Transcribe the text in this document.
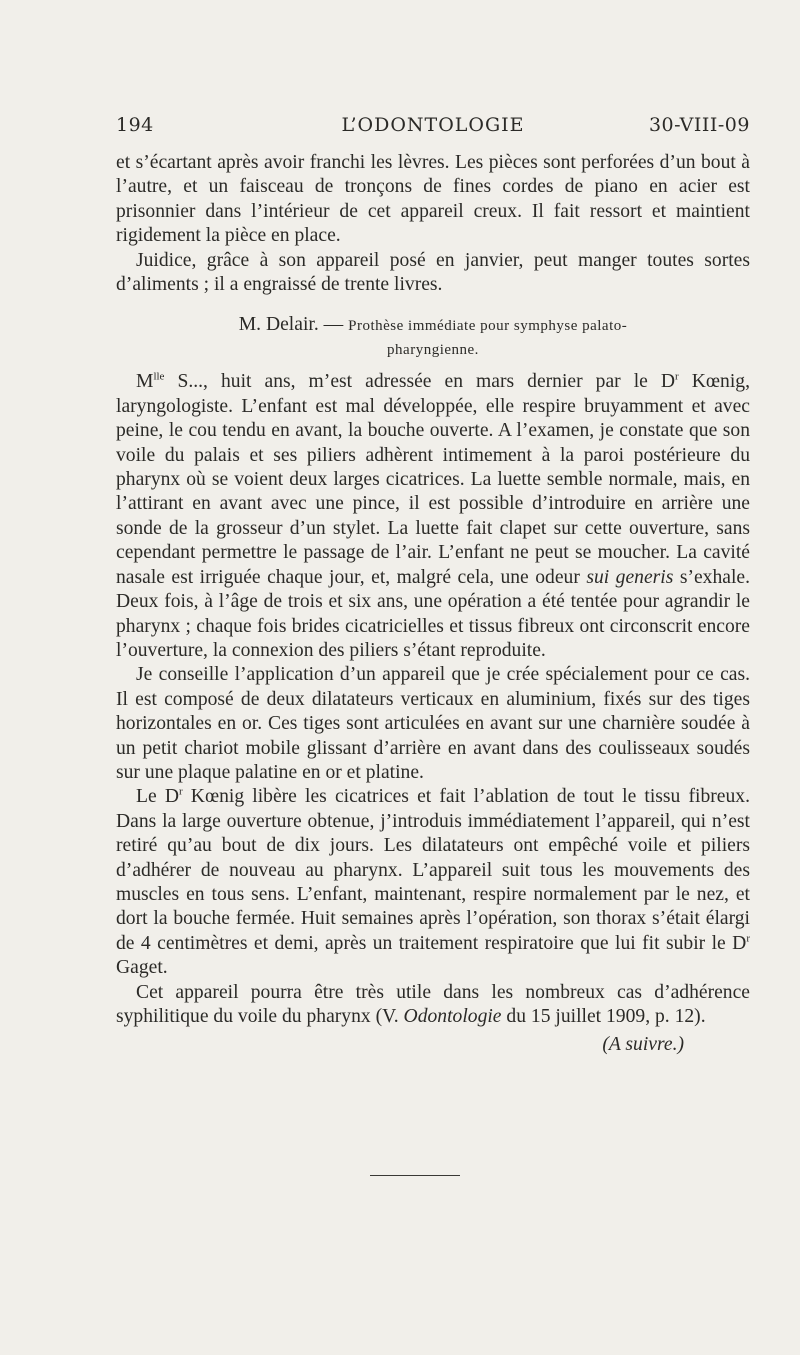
194	L’ODONTOLOGIE	30-VIII-09

et s’écartant après avoir franchi les lèvres. Les pièces sont perforées d’un bout à l’autre, et un faisceau de tronçons de fines cordes de piano en acier est prisonnier dans l’intérieur de cet appareil creux. Il fait ressort et maintient rigidement la pièce en place.

Juidice, grâce à son appareil posé en janvier, peut manger toutes sortes d’aliments ; il a engraissé de trente livres.

M. Delair. — Prothèse immédiate pour symphyse palato-
pharyngienne.

$M^{lle}$ S..., huit ans, m’est adressée en mars dernier par le $D^r$ Kœnig, laryngologiste. L’enfant est mal développée, elle respire bruyamment et avec peine, le cou tendu en avant, la bouche ouverte. A l’examen, je constate que son voile du palais et ses piliers adhèrent intimement à la paroi postérieure du pharynx où se voient deux larges cicatrices. La luette semble normale, mais, en l’attirant en avant avec une pince, il est possible d’introduire en arrière une sonde de la grosseur d’un stylet. La luette fait clapet sur cette ouverture, sans cependant permettre le passage de l’air. L’enfant ne peut se moucher. La cavité nasale est irriguée chaque jour, et, malgré cela, une odeur sui generis s’exhale. Deux fois, à l’âge de trois et six ans, une opération a été tentée pour agrandir le pharynx ; chaque fois brides cicatricielles et tissus fibreux ont circonscrit encore l’ouverture, la connexion des piliers s’étant reproduite.

Je conseille l’application d’un appareil que je crée spécialement pour ce cas. Il est composé de deux dilatateurs verticaux en aluminium, fixés sur des tiges horizontales en or. Ces tiges sont articulées en avant sur une charnière soudée à un petit chariot mobile glissant d’arrière en avant dans des coulisseaux soudés sur une plaque palatine en or et platine.

Le $D^r$ Kœnig libère les cicatrices et fait l’ablation de tout le tissu fibreux. Dans la large ouverture obtenue, j’introduis immédiatement l’appareil, qui n’est retiré qu’au bout de dix jours. Les dilatateurs ont empêché voile et piliers d’adhérer de nouveau au pharynx. L’appareil suit tous les mouvements des muscles en tous sens. L’enfant, maintenant, respire normalement par le nez, et dort la bouche fermée. Huit semaines après l’opération, son thorax s’était élargi de 4 centimètres et demi, après un traitement respiratoire que lui fit subir le $D^r$ Gaget.

Cet appareil pourra être très utile dans les nombreux cas d’adhérence syphilitique du voile du pharynx (V. Odontologie du 15 juillet 1909, p. 12).

(A suivre.)
